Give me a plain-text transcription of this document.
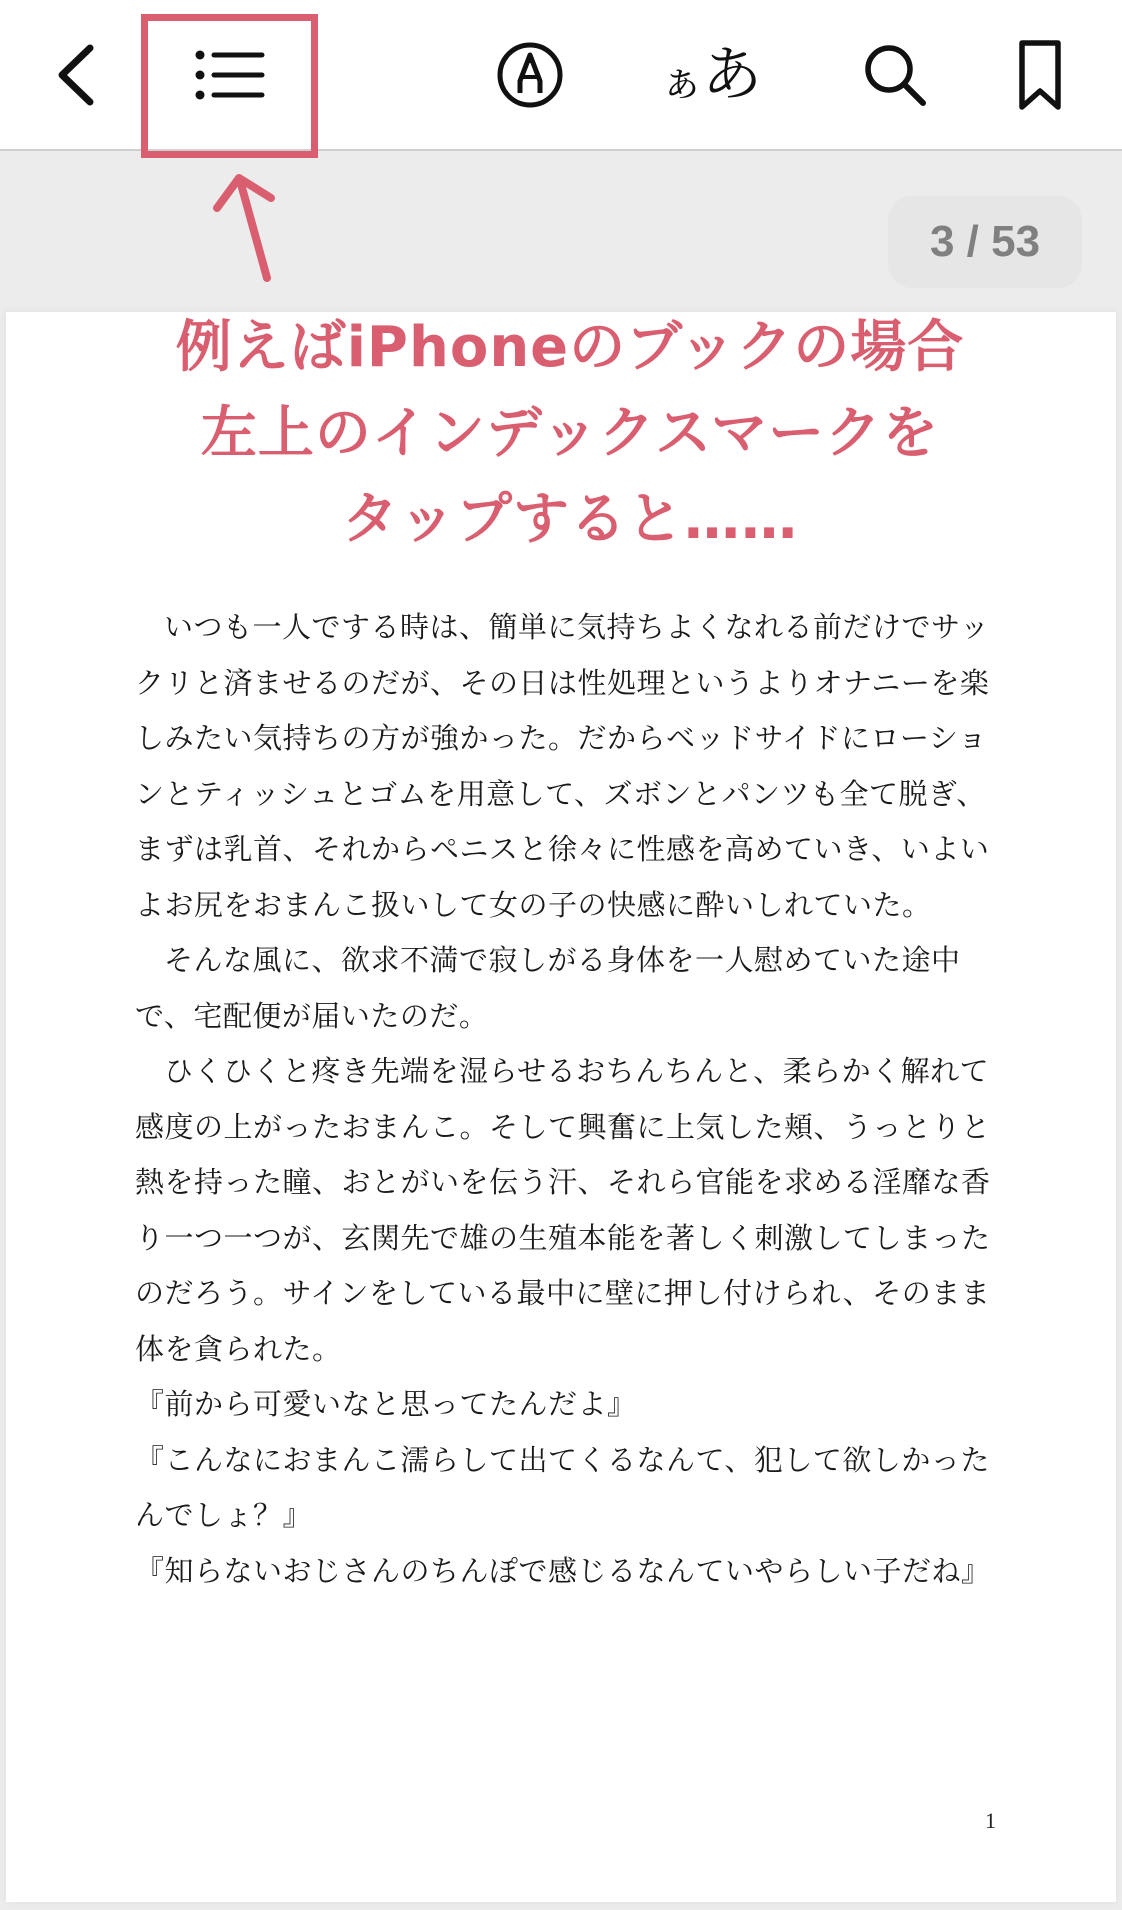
ぁあ
3 / 53
例えばiPhoneのブックの場合
左上のインデックスマークを
タップすると……

いつも一人でする時は、簡単に気持ちよくなれる前だけでサックリと済ませるのだが、その日は性処理というよりオナニーを楽しみたい気持ちの方が強かった。だからベッドサイドにローションとティッシュとゴムを用意して、ズボンとパンツも全て脱ぎ、まずは乳首、それからペニスと徐々に性感を高めていき、いよいよお尻をおまんこ扱いして女の子の快感に酔いしれていた。

そんな風に、欲求不満で寂しがる身体を一人慰めていた途中で、宅配便が届いたのだ。

ひくひくと疼き先端を湿らせるおちんちんと、柔らかく解れて感度の上がったおまんこ。そして興奮に上気した頬、うっとりと熱を持った瞳、おとがいを伝う汗、それら官能を求める淫靡な香り一つ一つが、玄関先で雄の生殖本能を著しく刺激してしまったのだろう。サインをしている最中に壁に押し付けられ、そのまま体を貪られた。

『前から可愛いなと思ってたんだよ』

『こんなにおまんこ濡らして出てくるなんて、犯して欲しかったんでしょ？』

『知らないおじさんのちんぽで感じるなんていやらしい子だね』

1
